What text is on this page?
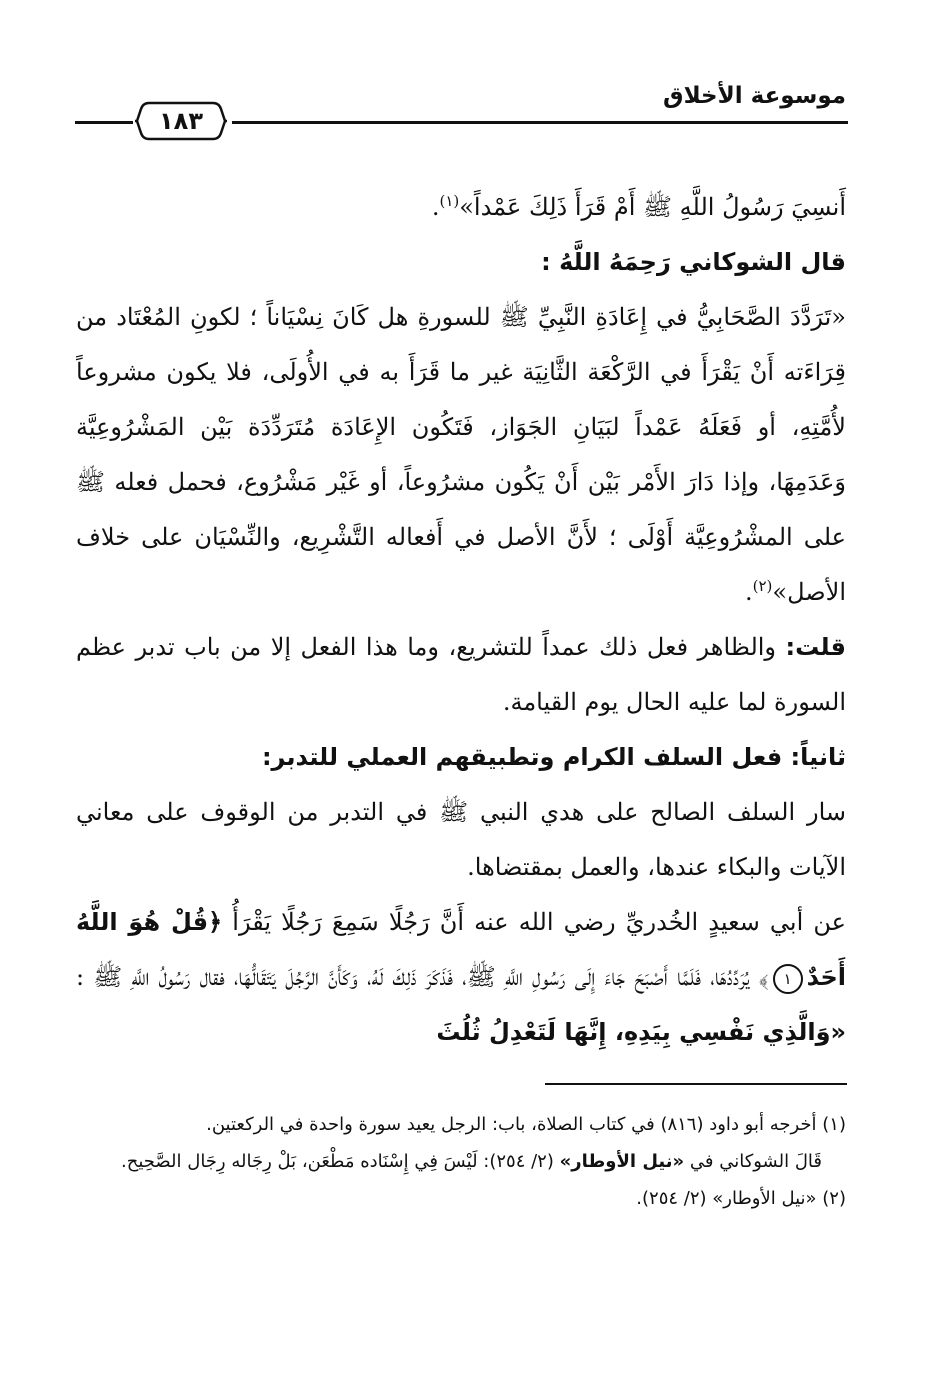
موسوعة الأخلاق
١٨٣

أَنسِيَ رَسُولُ اللَّهِ ﷺ أَمْ قَرَأَ ذَلِكَ عَمْداً»$^{(١)}$.

قال الشوكاني رَحِمَهُ اللَّهُ :

«تَرَدَّدَ الصَّحَابِيُّ في إِعَادَةِ النَّبِيِّ ﷺ للسورةِ هل كَانَ نِسْيَاناً ؛ لكونِ المُعْتَاد من قِرَاءَته أَنْ يَقْرَأَ في الرَّكْعَة الثَّانِيَة غير ما قَرَأَ به في الأُولَى، فلا يكون مشروعاً لأُمَّتِهِ، أو فَعَلَهُ عَمْداً لبَيَانِ الجَوَاز، فَتَكُون الإِعَادَة مُتَرَدِّدَة بَيْن المَشْرُوعِيَّة وَعَدَمِهَا، وإذا دَارَ الأَمْر بَيْن أَنْ يَكُون مشرُوعاً، أو غَيْر مَشْرُوع، فحمل فعله ﷺ على المشْرُوعِيَّة أَوْلَى ؛ لأَنَّ الأصل في أَفعاله التَّشْرِيع، والنِّسْيَان على خلاف الأصل»$^{(٢)}$.

قلت: والظاهر فعل ذلك عمداً للتشريع، وما هذا الفعل إلا من باب تدبر عظم السورة لما عليه الحال يوم القيامة.

ثانياً: فعل السلف الكرام وتطبيقهم العملي للتدبر:

سار السلف الصالح على هدي النبي ﷺ في التدبر من الوقوف على معاني الآيات والبكاء عندها، والعمل بمقتضاها.

عن أبي سعيدٍ الخُدريِّ رضي الله عنه أَنَّ رَجُلًا سَمِعَ رَجُلًا يَقْرَأُ ﴿قُلْ هُوَ اللَّهُ أَحَدٌ١﴾ يُرَدِّدُهَا، فَلَمَّا أَصْبَحَ جَاءَ إِلَى رَسُولِ اللَّهِ ﷺ، فَذَكَرَ ذَلِكَ لَهُ، وَكَأَنَّ الرَّجُلَ يَتَقَالُّهَا، فقال رَسُولُ اللَّهِ ﷺ : «وَالَّذِي نَفْسِي بِيَدِهِ، إِنَّهَا لَتَعْدِلُ ثُلُثَ

(١) أخرجه أبو داود (٨١٦) في كتاب الصلاة، باب: الرجل يعيد سورة واحدة في الركعتين.

قَالَ الشوكاني في «نيل الأوطار» (٢/ ٢٥٤): لَيْسَ فِي إِسْنَاده مَطْعَن، بَلْ رِجَاله رِجَال الصَّحِيح.

(٢) «نيل الأوطار» (٢/ ٢٥٤).
